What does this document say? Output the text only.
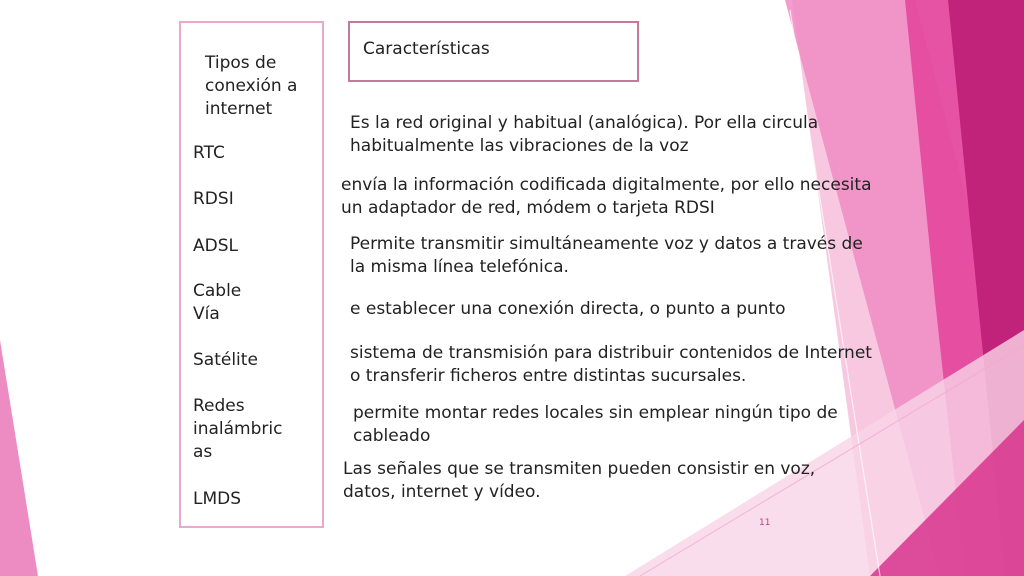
Tipos de
conexión a
internet

RTC

RDSI

ADSL

Cable
Vía

Satélite

Redes
inalámbric
as

LMDS

Características

Es la red original y habitual (analógica). Por ella circula
habitualmente las vibraciones de la voz

envía la información codificada digitalmente, por ello necesita
un adaptador de red, módem o tarjeta RDSI

Permite transmitir simultáneamente voz y datos a través de
la misma línea telefónica.

e establecer una conexión directa, o punto a punto

sistema de transmisión para distribuir contenidos de Internet
o transferir ficheros entre distintas sucursales.

permite montar redes locales sin emplear ningún tipo de
cableado

Las señales que se transmiten pueden consistir en voz,
datos, internet y vídeo.

11
